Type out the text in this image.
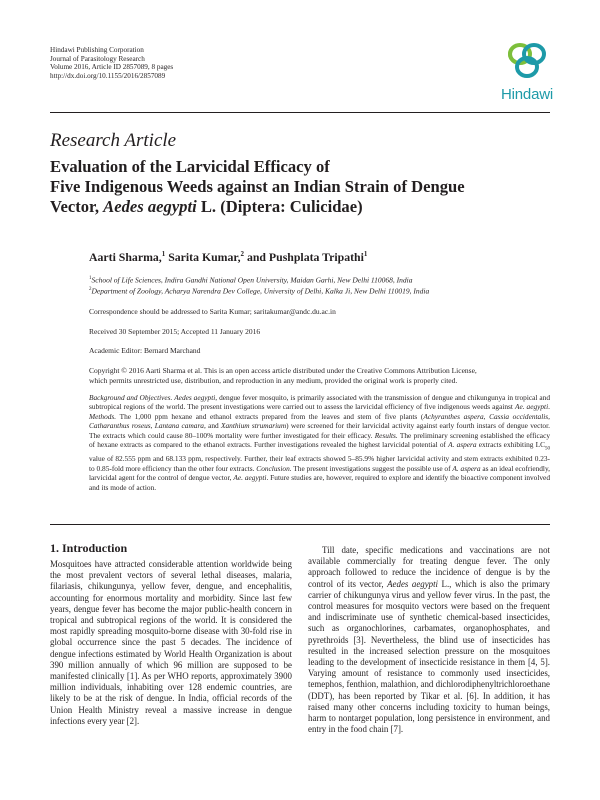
Hindawi Publishing Corporation
Journal of Parasitology Research
Volume 2016, Article ID 2857089, 8 pages
http://dx.doi.org/10.1155/2016/2857089
Hindawi
Research Article
Evaluation of the Larvicidal Efficacy of
Five Indigenous Weeds against an Indian Strain of Dengue
Vector, Aedes aegypti L. (Diptera: Culicidae)
Aarti Sharma,$^1$ Sarita Kumar,$^2$ and Pushplata Tripathi$^1$
$^1$School of Life Sciences, Indira Gandhi National Open University, Maidan Garhi, New Delhi 110068, India
$^2$Department of Zoology, Acharya Narendra Dev College, University of Delhi, Kalka Ji, New Delhi 110019, India
Correspondence should be addressed to Sarita Kumar; saritakumar@andc.du.ac.in
Received 30 September 2015; Accepted 11 January 2016
Academic Editor: Bernard Marchand
Copyright © 2016 Aarti Sharma et al. This is an open access article distributed under the Creative Commons Attribution License,
which permits unrestricted use, distribution, and reproduction in any medium, provided the original work is properly cited.
Background and Objectives. Aedes aegypti, dengue fever mosquito, is primarily associated with the transmission of dengue and chikungunya in tropical and subtropical regions of the world. The present investigations were carried out to assess the larvicidal efficiency of five indigenous weeds against Ae. aegypti. Methods. The 1,000 ppm hexane and ethanol extracts prepared from the leaves and stem of five plants (Achyranthes aspera, Cassia occidentalis, Catharanthus roseus, Lantana camara, and Xanthium strumarium) were screened for their larvicidal activity against early fourth instars of dengue vector. The extracts which could cause 80–100% mortality were further investigated for their efficacy. Results. The preliminary screening established the efficacy of hexane extracts as compared to the ethanol extracts. Further investigations revealed the highest larvicidal potential of A. aspera extracts exhibiting $LC_{50}$ value of 82.555 ppm and 68.133 ppm, respectively. Further, their leaf extracts showed 5–85.9% higher larvicidal activity and stem extracts exhibited 0.23- to 0.85-fold more efficiency than the other four extracts. Conclusion. The present investigations suggest the possible use of A. aspera as an ideal ecofriendly, larvicidal agent for the control of dengue vector, Ae. aegypti. Future studies are, however, required to explore and identify the bioactive component involved and its mode of action.
1. Introduction

Mosquitoes have attracted considerable attention worldwide being the most prevalent vectors of several lethal diseases, malaria, filariasis, chikungunya, yellow fever, dengue, and encephalitis, accounting for enormous mortality and morbidity. Since last few years, dengue fever has become the major public-health concern in tropical and subtropical regions of the world. It is considered the most rapidly spreading mosquito-borne disease with 30-fold rise in global occurrence since the past 5 decades. The incidence of dengue infections estimated by World Health Organization is about 390 million annually of which 96 million are supposed to be manifested clinically [1]. As per WHO reports, approximately 3900 million individuals, inhabiting over 128 endemic countries, are likely to be at the risk of dengue. In India, official records of the Union Health Ministry reveal a massive increase in dengue infections every year [2].

Till date, specific medications and vaccinations are not available commercially for treating dengue fever. The only approach followed to reduce the incidence of dengue is by the control of its vector, Aedes aegypti L., which is also the primary carrier of chikungunya virus and yellow fever virus. In the past, the control measures for mosquito vectors were based on the frequent and indiscriminate use of synthetic chemical-based insecticides, such as organochlorines, carbamates, organophosphates, and pyrethroids [3]. Nevertheless, the blind use of insecticides has resulted in the increased selection pressure on the mosquitoes leading to the development of insecticide resistance in them [4, 5]. Varying amount of resistance to commonly used insecticides, temephos, fenthion, malathion, and dichlorodiphenyltrichloroethane (DDT), has been reported by Tikar et al. [6]. In addition, it has raised many other concerns including toxicity to human beings, harm to nontarget population, long persistence in environment, and entry in the food chain [7].
